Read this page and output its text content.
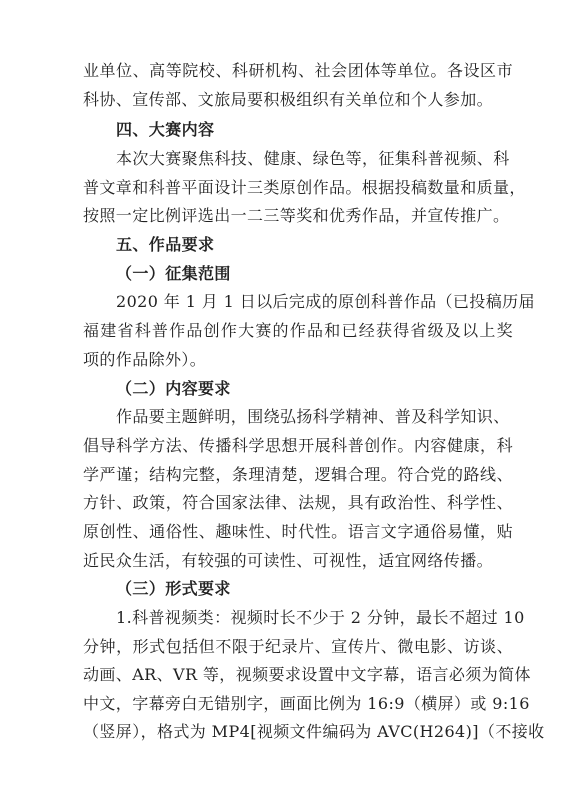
业单位、高等院校、科研机构、社会团体等单位。各设区市
科协、宣传部、文旅局要积极组织有关单位和个人参加。
四、大赛内容
本次大赛聚焦科技、健康、绿色等，征集科普视频、科
普文章和科普平面设计三类原创作品。根据投稿数量和质量，
按照一定比例评选出一二三等奖和优秀作品，并宣传推广。
五、作品要求
（一）征集范围
2020 年 1 月 1 日以后完成的原创科普作品（已投稿历届
福建省科普作品创作大赛的作品和已经获得省级及以上奖
项的作品除外）。
（二）内容要求
作品要主题鲜明，围绕弘扬科学精神、普及科学知识、
倡导科学方法、传播科学思想开展科普创作。内容健康，科
学严谨；结构完整，条理清楚，逻辑合理。符合党的路线、
方针、政策，符合国家法律、法规，具有政治性、科学性、
原创性、通俗性、趣味性、时代性。语言文字通俗易懂，贴
近民众生活，有较强的可读性、可视性，适宜网络传播。
（三）形式要求
1.科普视频类：视频时长不少于 2 分钟，最长不超过 10
分钟，形式包括但不限于纪录片、宣传片、微电影、访谈、
动画、AR、VR 等，视频要求设置中文字幕，语言必须为简体
中文，字幕旁白无错别字，画面比例为 16:9（横屏）或 9:16
（竖屏），格式为 MP4[视频文件编码为 AVC(H264)]（不接收
